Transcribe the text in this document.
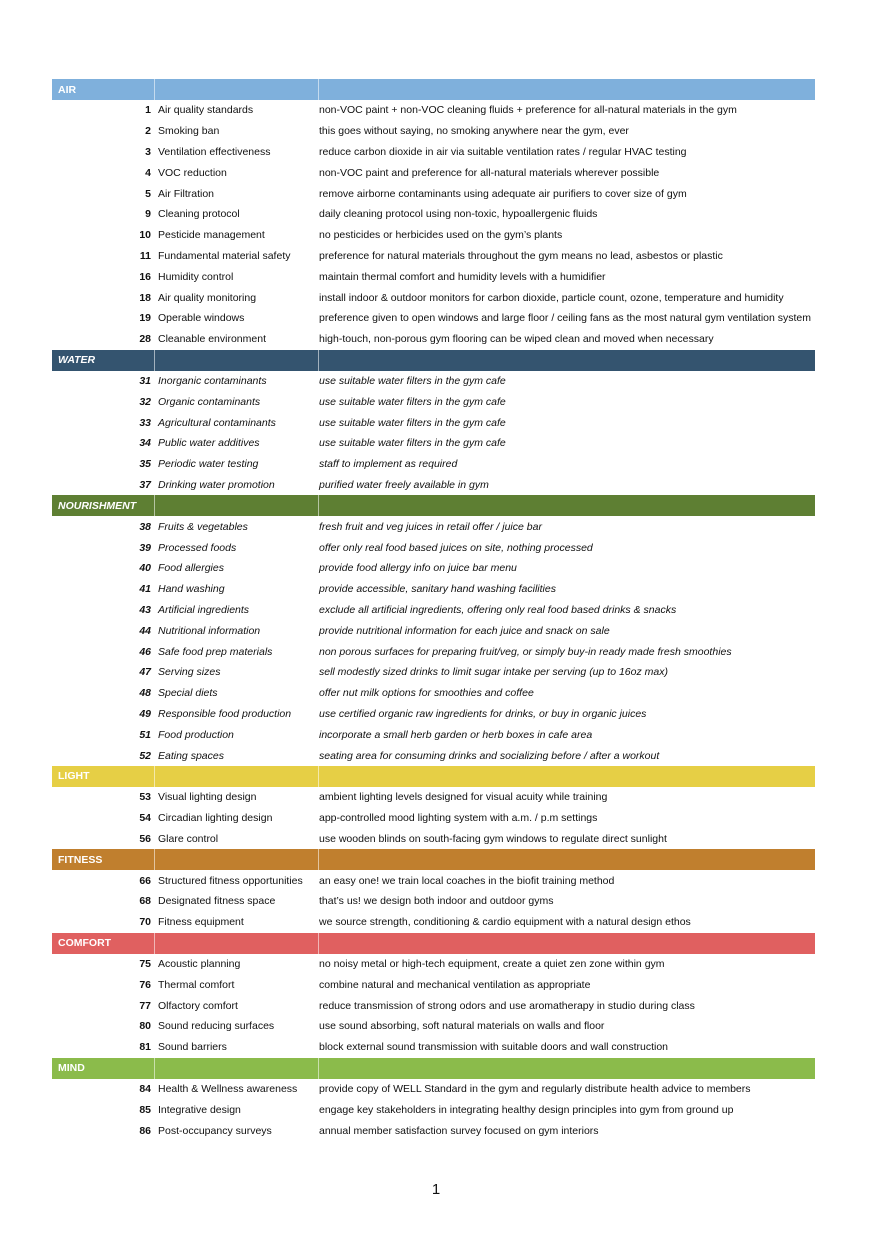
AIR
1 Air quality standards	non-VOC paint + non-VOC cleaning fluids + preference for all-natural materials in the gym
2 Smoking ban	this goes without saying, no smoking anywhere near the gym, ever
3 Ventilation effectiveness	reduce carbon dioxide in air via suitable ventilation rates / regular HVAC testing
4 VOC reduction	non-VOC paint and preference for all-natural materials wherever possible
5 Air Filtration	remove airborne contaminants using adequate air purifiers to cover size of gym
9 Cleaning protocol	daily cleaning protocol using non-toxic, hypoallergenic fluids
10 Pesticide management	no pesticides or herbicides used on the gym’s plants
11 Fundamental material safety	preference for natural materials throughout the gym means no lead, asbestos or plastic
16 Humidity control	maintain thermal comfort and humidity levels with a humidifier
18 Air quality monitoring	install indoor & outdoor monitors for carbon dioxide, particle count, ozone, temperature and humidity
19 Operable windows	preference given to open windows and large floor / ceiling fans as the most natural gym ventilation system
28 Cleanable environment	high-touch, non-porous gym flooring can be wiped clean and moved when necessary
WATER
31 Inorganic contaminants	use suitable water filters in the gym cafe
32 Organic contaminants	use suitable water filters in the gym cafe
33 Agricultural contaminants	use suitable water filters in the gym cafe
34 Public water additives	use suitable water filters in the gym cafe
35 Periodic water testing	staff to implement as required
37 Drinking water promotion	purified water freely available in gym
NOURISHMENT
38 Fruits & vegetables	fresh fruit and veg juices in retail offer / juice bar
39 Processed foods	offer only real food based juices on site, nothing processed
40 Food allergies	provide food allergy info on juice bar menu
41 Hand washing	provide accessible, sanitary hand washing facilities
43 Artificial ingredients	exclude all artificial ingredients, offering only real food based drinks & snacks
44 Nutritional information	provide nutritional information for each juice and snack on sale
46 Safe food prep materials	non porous surfaces for preparing fruit/veg, or simply buy-in ready made fresh smoothies
47 Serving sizes	sell modestly sized drinks to limit sugar intake per serving (up to 16oz max)
48 Special diets	offer nut milk options for smoothies and coffee
49 Responsible food production	use certified organic raw ingredients for drinks, or buy in organic juices
51 Food production	incorporate a small herb garden or herb boxes in cafe area
52 Eating spaces	seating area for consuming drinks and socializing before / after a workout
LIGHT
53 Visual lighting design	ambient lighting levels designed for visual acuity while training
54 Circadian lighting design	app-controlled mood lighting system with a.m. / p.m settings
56 Glare control	use wooden blinds on south-facing gym windows to regulate direct sunlight
FITNESS
66 Structured fitness opportunities	an easy one! we train local coaches in the biofit training method
68 Designated fitness space	that’s us! we design both indoor and outdoor gyms
70 Fitness equipment	we source strength, conditioning & cardio equipment with a natural design ethos
COMFORT
75 Acoustic planning	no noisy metal or high-tech equipment, create a quiet zen zone within gym
76 Thermal comfort	combine natural and mechanical ventilation as appropriate
77 Olfactory comfort	reduce transmission of strong odors and use aromatherapy in studio during class
80 Sound reducing surfaces	use sound absorbing, soft natural materials on walls and floor
81 Sound barriers	block external sound transmission with suitable doors and wall construction
MIND
84 Health & Wellness awareness	provide copy of WELL Standard in the gym and regularly distribute health advice to members
85 Integrative design	engage key stakeholders in integrating healthy design principles into gym from ground up
86 Post-occupancy surveys	annual member satisfaction survey focused on gym interiors
1
